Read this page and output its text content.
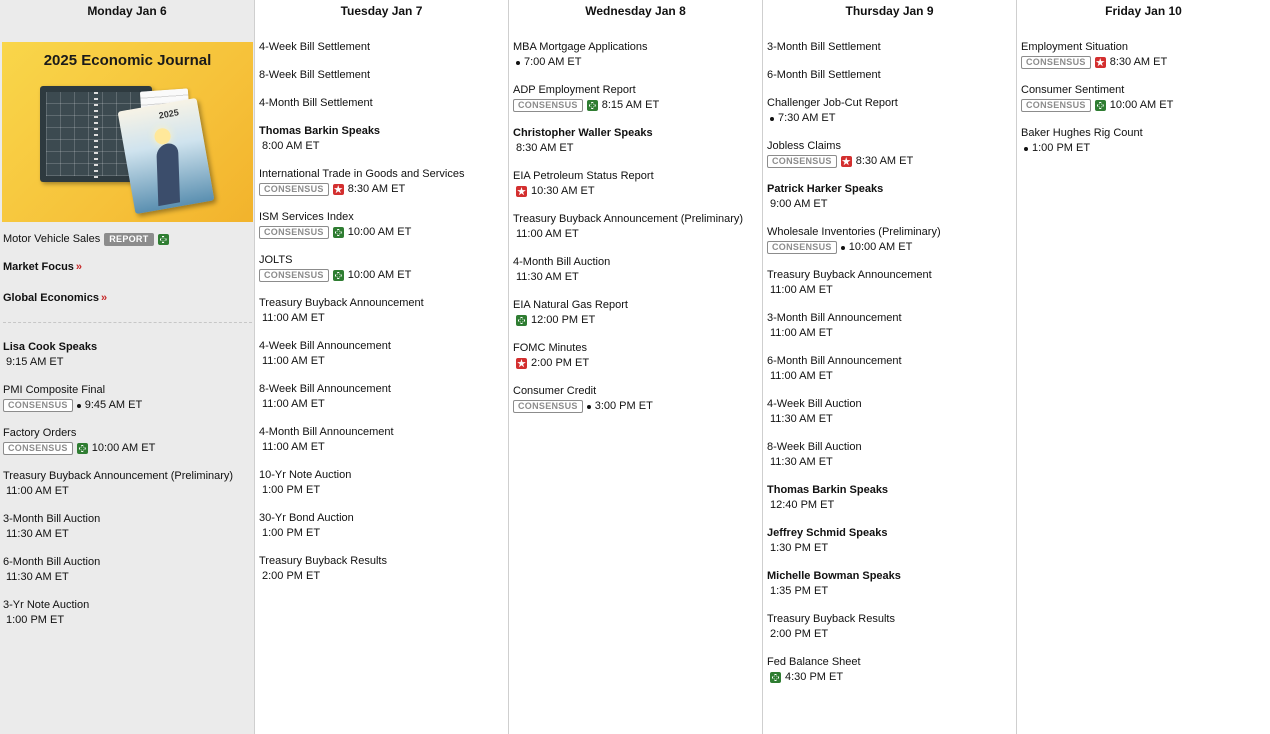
Monday Jan 6
2025 Economic Journal
2025
Motor Vehicle Sales	REPORT
Market Focus »
Global Economics »
Lisa Cook Speaks
9:15 AM ET
PMI Composite Final
CONSENSUS	9:45 AM ET
Factory Orders
CONSENSUS	10:00 AM ET
Treasury Buyback Announcement (Preliminary)
11:00 AM ET
3-Month Bill Auction
11:30 AM ET
6-Month Bill Auction
11:30 AM ET
3-Yr Note Auction
1:00 PM ET
Tuesday Jan 7
4-Week Bill Settlement
8-Week Bill Settlement
4-Month Bill Settlement
Thomas Barkin Speaks
8:00 AM ET
International Trade in Goods and Services
CONSENSUS	8:30 AM ET
ISM Services Index
CONSENSUS	10:00 AM ET
JOLTS
CONSENSUS	10:00 AM ET
Treasury Buyback Announcement
11:00 AM ET
4-Week Bill Announcement
11:00 AM ET
8-Week Bill Announcement
11:00 AM ET
4-Month Bill Announcement
11:00 AM ET
10-Yr Note Auction
1:00 PM ET
30-Yr Bond Auction
1:00 PM ET
Treasury Buyback Results
2:00 PM ET
Wednesday Jan 8
MBA Mortgage Applications
7:00 AM ET
ADP Employment Report
CONSENSUS	8:15 AM ET
Christopher Waller Speaks
8:30 AM ET
EIA Petroleum Status Report
10:30 AM ET
Treasury Buyback Announcement (Preliminary)
11:00 AM ET
4-Month Bill Auction
11:30 AM ET
EIA Natural Gas Report
12:00 PM ET
FOMC Minutes
2:00 PM ET
Consumer Credit
CONSENSUS	3:00 PM ET
Thursday Jan 9
3-Month Bill Settlement
6-Month Bill Settlement
Challenger Job-Cut Report
7:30 AM ET
Jobless Claims
CONSENSUS	8:30 AM ET
Patrick Harker Speaks
9:00 AM ET
Wholesale Inventories (Preliminary)
CONSENSUS	10:00 AM ET
Treasury Buyback Announcement
11:00 AM ET
3-Month Bill Announcement
11:00 AM ET
6-Month Bill Announcement
11:00 AM ET
4-Week Bill Auction
11:30 AM ET
8-Week Bill Auction
11:30 AM ET
Thomas Barkin Speaks
12:40 PM ET
Jeffrey Schmid Speaks
1:30 PM ET
Michelle Bowman Speaks
1:35 PM ET
Treasury Buyback Results
2:00 PM ET
Fed Balance Sheet
4:30 PM ET
Friday Jan 10
Employment Situation
CONSENSUS	8:30 AM ET
Consumer Sentiment
CONSENSUS	10:00 AM ET
Baker Hughes Rig Count
1:00 PM ET
